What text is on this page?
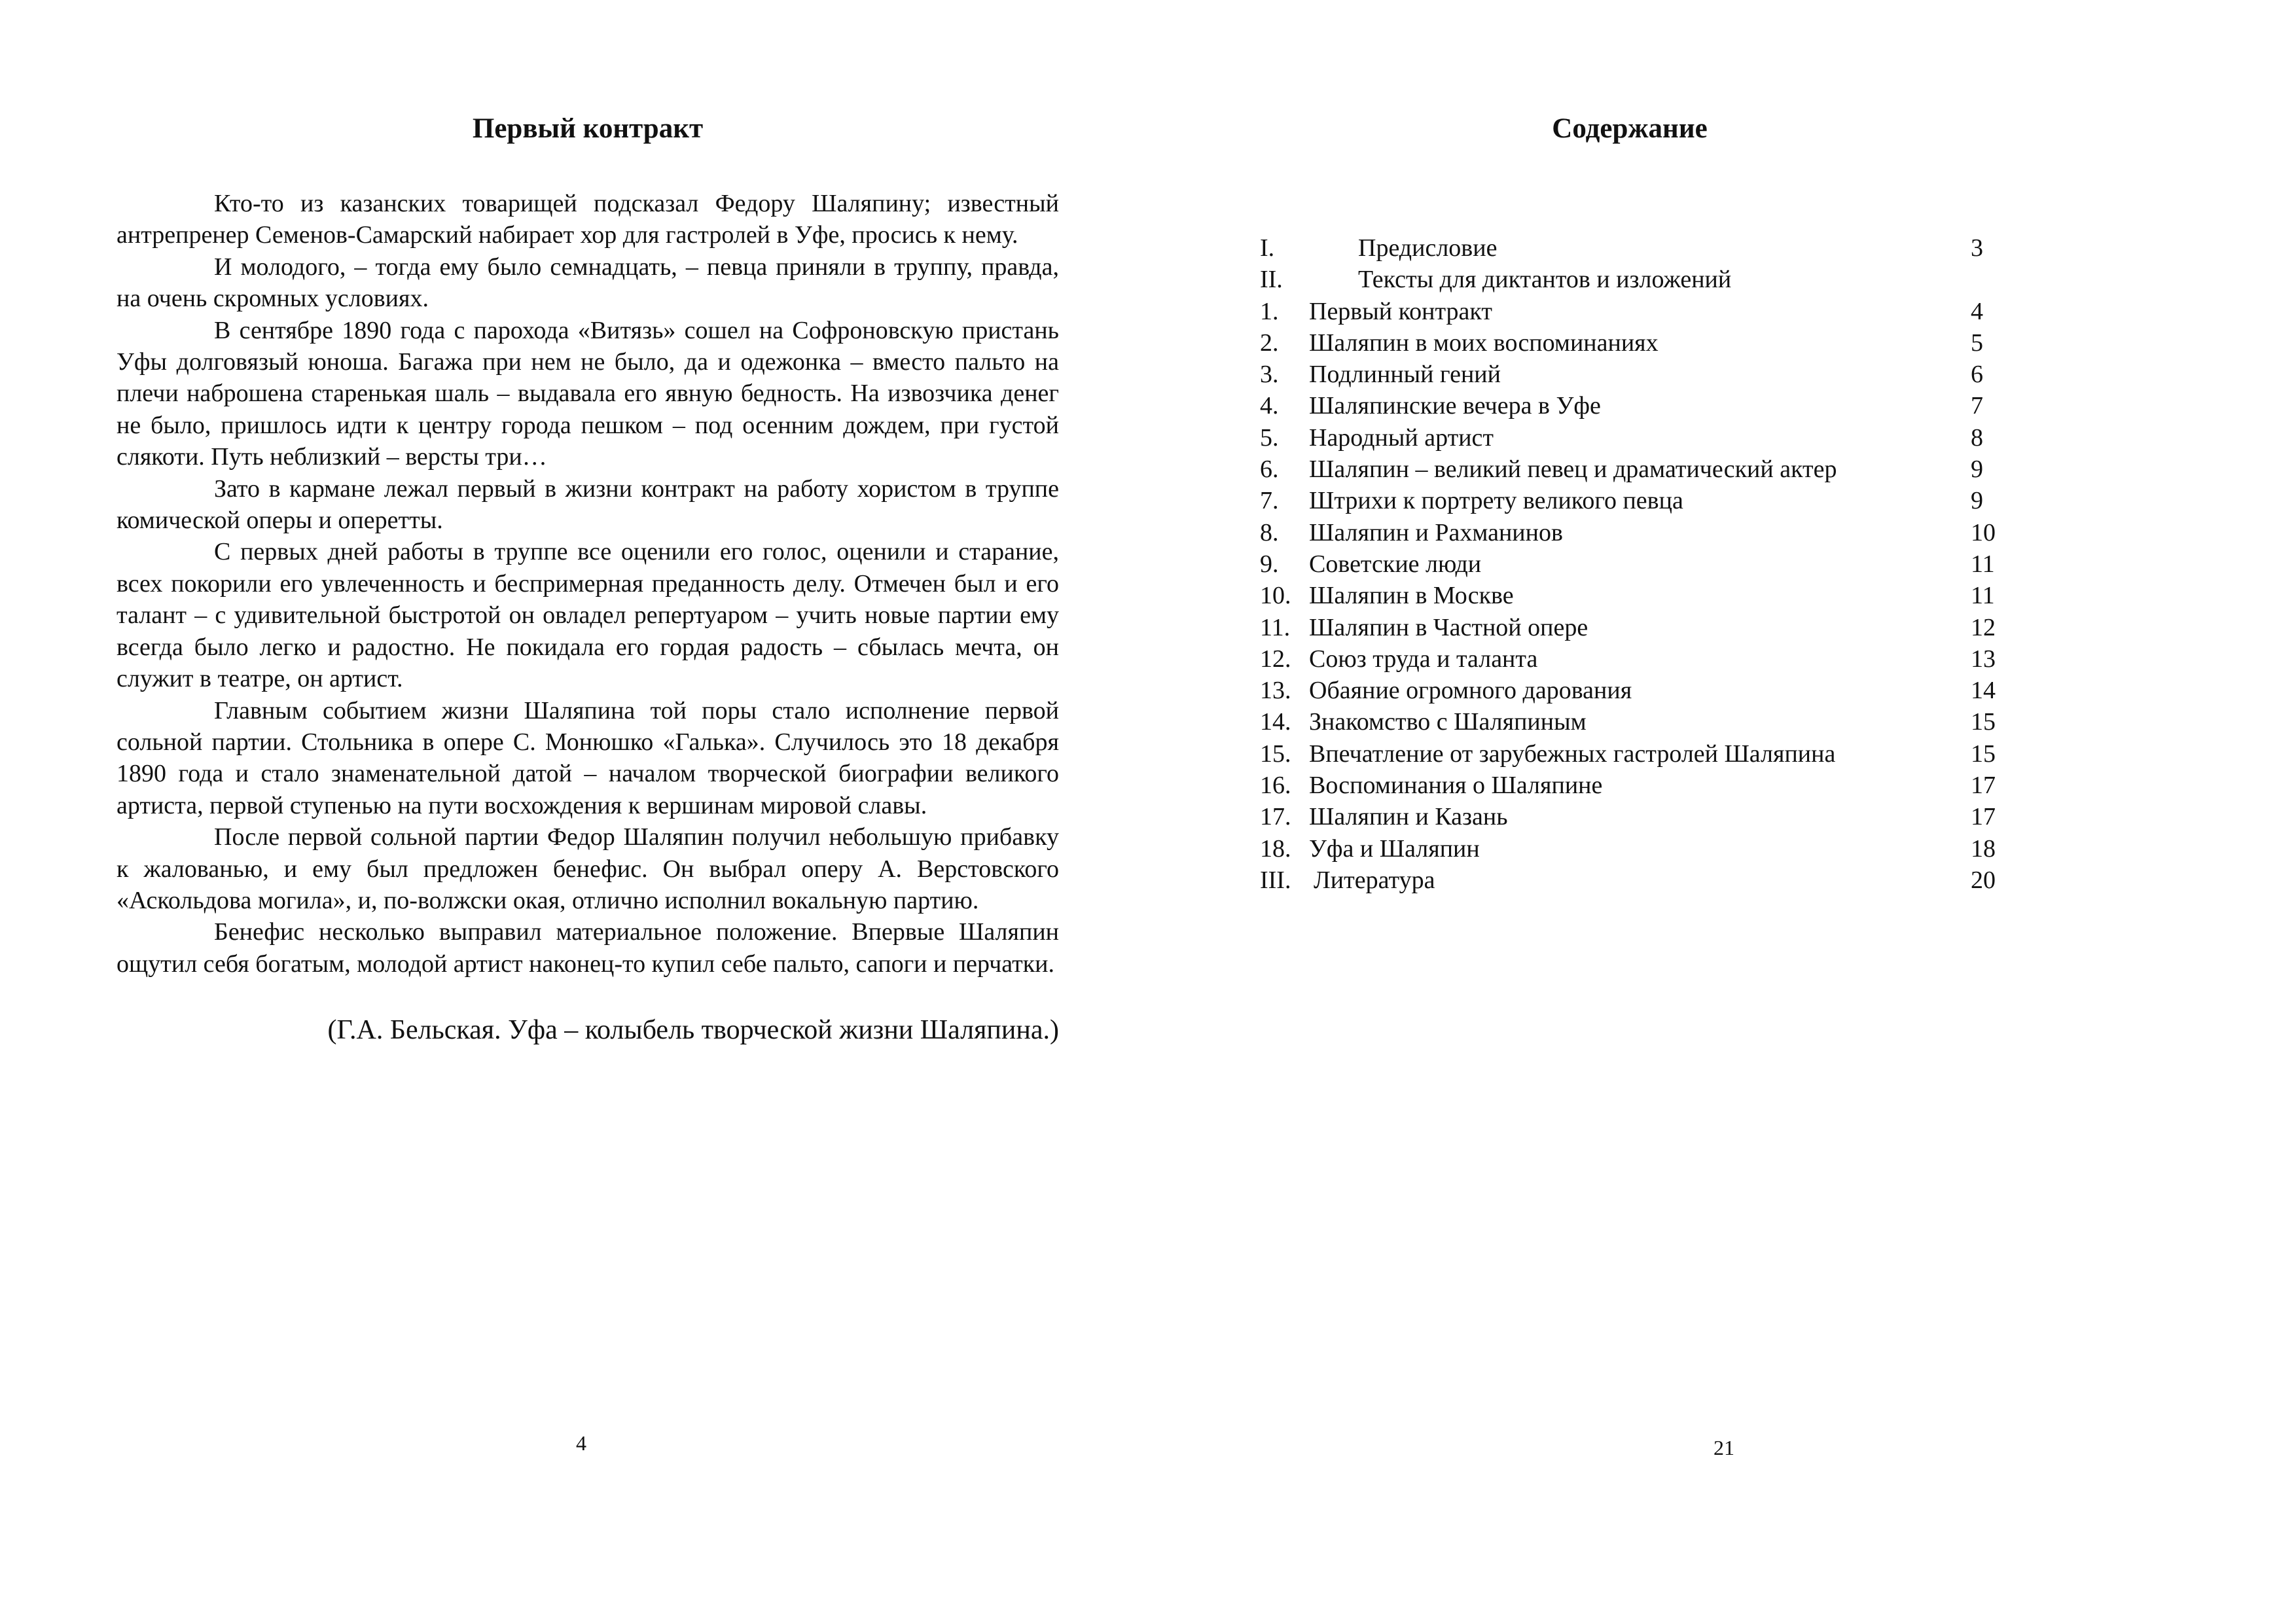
Первый контракт

Кто-то из казанских товарищей подсказал Федору Шаляпину; известный антрепренер Семенов-Самарский набирает хор для гастролей в Уфе, просись к нему.

И молодого, – тогда ему было семнадцать, – певца приняли в труппу, правда, на очень скромных условиях.

В сентябре 1890 года с парохода «Витязь» сошел на Софроновскую пристань Уфы долговязый юноша. Багажа при нем не было, да и одежонка – вместо пальто на плечи наброшена старенькая шаль – выдавала его явную бедность. На извозчика денег не было, пришлось идти к центру города пешком – под осенним дождем, при густой слякоти. Путь неблизкий – версты три…

Зато в кармане лежал первый в жизни контракт на работу хористом в труппе комической оперы и оперетты.

С первых дней работы в труппе все оценили его голос, оценили и старание, всех покорили его увлеченность и беспримерная преданность делу. Отмечен был и его талант – с удивительной быстротой он овладел репертуаром – учить новые партии ему всегда было легко и радостно. Не покидала его гордая радость – сбылась мечта, он служит в театре, он артист.

Главным событием жизни Шаляпина той поры стало исполнение первой сольной партии. Стольника в опере С. Монюшко «Галька». Случилось это 18 декабря 1890 года и стало знаменательной датой – началом творческой биографии великого артиста, первой ступенью на пути восхождения к вершинам мировой славы.

После первой сольной партии Федор Шаляпин получил небольшую прибавку к жалованью, и ему был предложен бенефис. Он выбрал оперу А. Верстовского «Аскольдова могила», и, по-волжски окая, отлично исполнил вокальную партию.

Бенефис несколько выправил материальное положение. Впервые Шаляпин ощутил себя богатым, молодой артист наконец-то купил себе пальто, сапоги и перчатки.

(Г.А. Бельская. Уфа – колыбель творческой жизни Шаляпина.)
4
Содержание
I.	Предисловие	3
II.	Тексты для диктантов и изложений
1.	Первый контракт	4
2.	Шаляпин в моих воспоминаниях	5
3.	Подлинный гений	6
4.	Шаляпинские вечера в Уфе	7
5.	Народный артист	8
6.	Шаляпин – великий певец и драматический актер	9
7.	Штрихи к портрету великого певца	9
8.	Шаляпин и Рахманинов	10
9.	Советские люди	11
10. Шаляпин в Москве	11
11. Шаляпин в Частной опере	12
12. Союз труда и таланта	13
13. Обаяние огромного дарования	14
14. Знакомство с Шаляпиным	15
15. Впечатление от зарубежных гастролей Шаляпина	15
16. Воспоминания о Шаляпине	17
17. Шаляпин и Казань	17
18. Уфа и Шаляпин	18
III. Литература	20
21
